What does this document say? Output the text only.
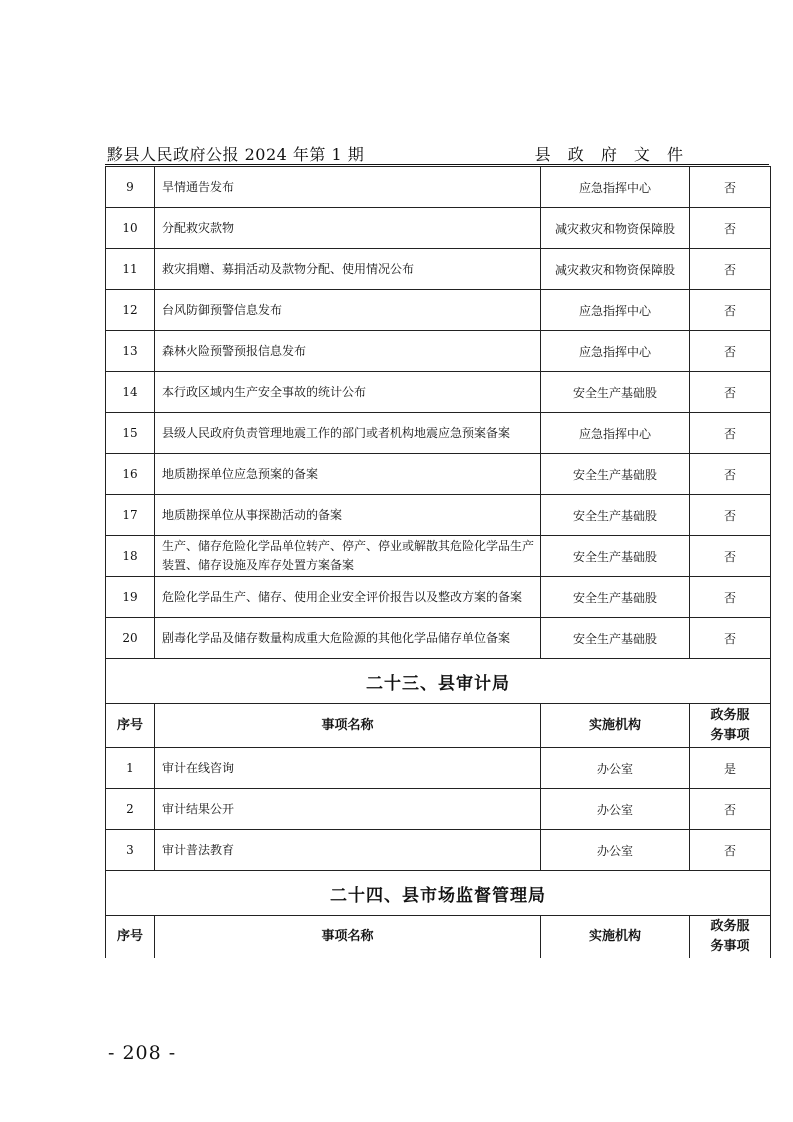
黟县人民政府公报 2024 年第 1 期	县 政 府 文 件
9	旱情通告发布	应急指挥中心	否
10	分配救灾款物	减灾救灾和物资保障股	否
11	救灾捐赠、募捐活动及款物分配、使用情况公布	减灾救灾和物资保障股	否
12	台风防御预警信息发布	应急指挥中心	否
13	森林火险预警预报信息发布	应急指挥中心	否
14	本行政区域内生产安全事故的统计公布	安全生产基础股	否
15	县级人民政府负责管理地震工作的部门或者机构地震应急预案备案	应急指挥中心	否
16	地质勘探单位应急预案的备案	安全生产基础股	否
17	地质勘探单位从事探勘活动的备案	安全生产基础股	否
18	生产、储存危险化学品单位转产、停产、停业或解散其危险化学品生产装置、储存设施及库存处置方案备案	安全生产基础股	否
19	危险化学品生产、储存、使用企业安全评价报告以及整改方案的备案	安全生产基础股	否
20	剧毒化学品及储存数量构成重大危险源的其他化学品储存单位备案	安全生产基础股	否
二十三、县审计局			
序号	事项名称	实施机构	政务服
务事项
1	审计在线咨询	办公室	是
2	审计结果公开	办公室	否
3	审计普法教育	办公室	否
二十四、县市场监督管理局			
序号	事项名称	实施机构	政务服
务事项
- 208 -
